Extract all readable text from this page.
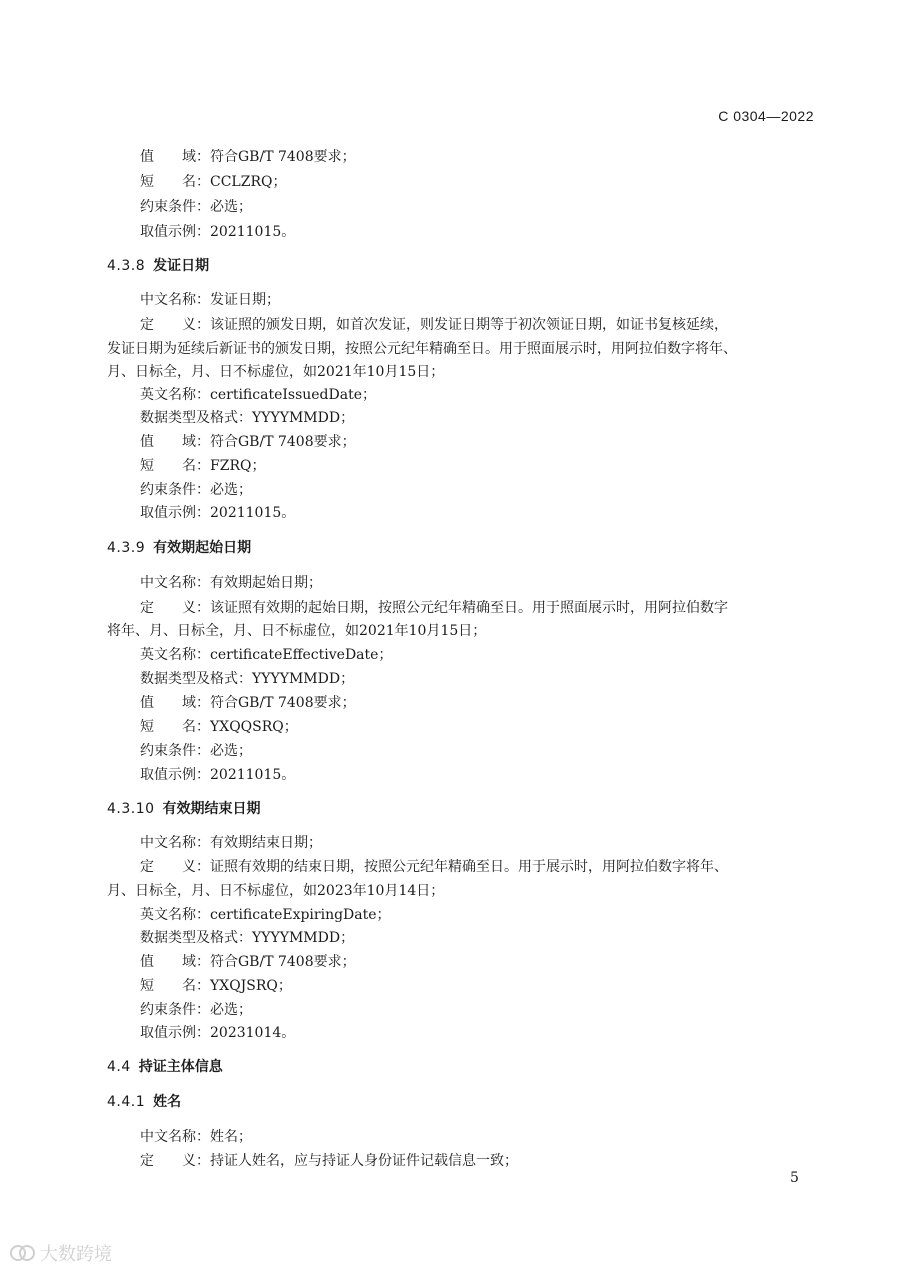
C 0304—2022
值　　域：符合GB/T 7408要求；
短　　名：CCLZRQ；
约束条件：必选；
取值示例：20211015。
4.3.8 发证日期
中文名称：发证日期；
定　　义：该证照的颁发日期，如首次发证，则发证日期等于初次领证日期，如证书复核延续，
发证日期为延续后新证书的颁发日期，按照公元纪年精确至日。用于照面展示时，用阿拉伯数字将年、
月、日标全，月、日不标虚位，如2021年10月15日；
英文名称：certificateIssuedDate；
数据类型及格式：YYYYMMDD；
值　　域：符合GB/T 7408要求；
短　　名：FZRQ；
约束条件：必选；
取值示例：20211015。
4.3.9 有效期起始日期
中文名称：有效期起始日期；
定　　义：该证照有效期的起始日期，按照公元纪年精确至日。用于照面展示时，用阿拉伯数字
将年、月、日标全，月、日不标虚位，如2021年10月15日；
英文名称：certificateEffectiveDate；
数据类型及格式：YYYYMMDD；
值　　域：符合GB/T 7408要求；
短　　名：YXQQSRQ；
约束条件：必选；
取值示例：20211015。
4.3.10 有效期结束日期
中文名称：有效期结束日期；
定　　义：证照有效期的结束日期，按照公元纪年精确至日。用于展示时，用阿拉伯数字将年、
月、日标全，月、日不标虚位，如2023年10月14日；
英文名称：certificateExpiringDate；
数据类型及格式：YYYYMMDD；
值　　域：符合GB/T 7408要求；
短　　名：YXQJSRQ；
约束条件：必选；
取值示例：20231014。
4.4 持证主体信息
4.4.1 姓名
中文名称：姓名；
定　　义：持证人姓名，应与持证人身份证件记载信息一致；
5
大数跨境
